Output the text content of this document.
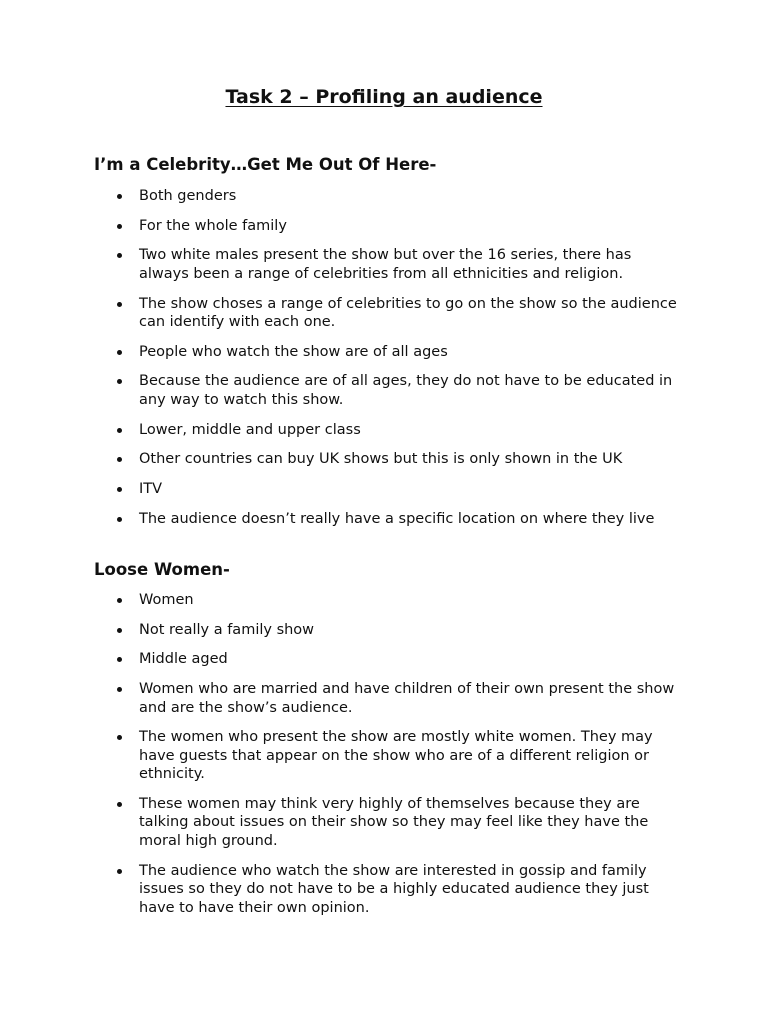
Task 2 – Profiling an audience
I’m a Celebrity…Get Me Out Of Here-
Both genders
For the whole family
Two white males present the show but over the 16 series, there has always been a range of celebrities from all ethnicities and religion.
The show choses a range of celebrities to go on the show so the audience can identify with each one.
People who watch the show are of all ages
Because the audience are of all ages, they do not have to be educated in any way to watch this show.
Lower, middle and upper class
Other countries can buy UK shows but this is only shown in the UK
ITV
The audience doesn’t really have a specific location on where they live
Loose Women-
Women
Not really a family show
Middle aged
Women who are married and have children of their own present the show and are the show’s audience.
The women who present the show are mostly white women. They may have guests that appear on the show who are of a different religion or ethnicity.
These women may think very highly of themselves because they are talking about issues on their show so they may feel like they have the moral high ground.
The audience who watch the show are interested in gossip and family issues so they do not have to be a highly educated audience they just have to have their own opinion.
